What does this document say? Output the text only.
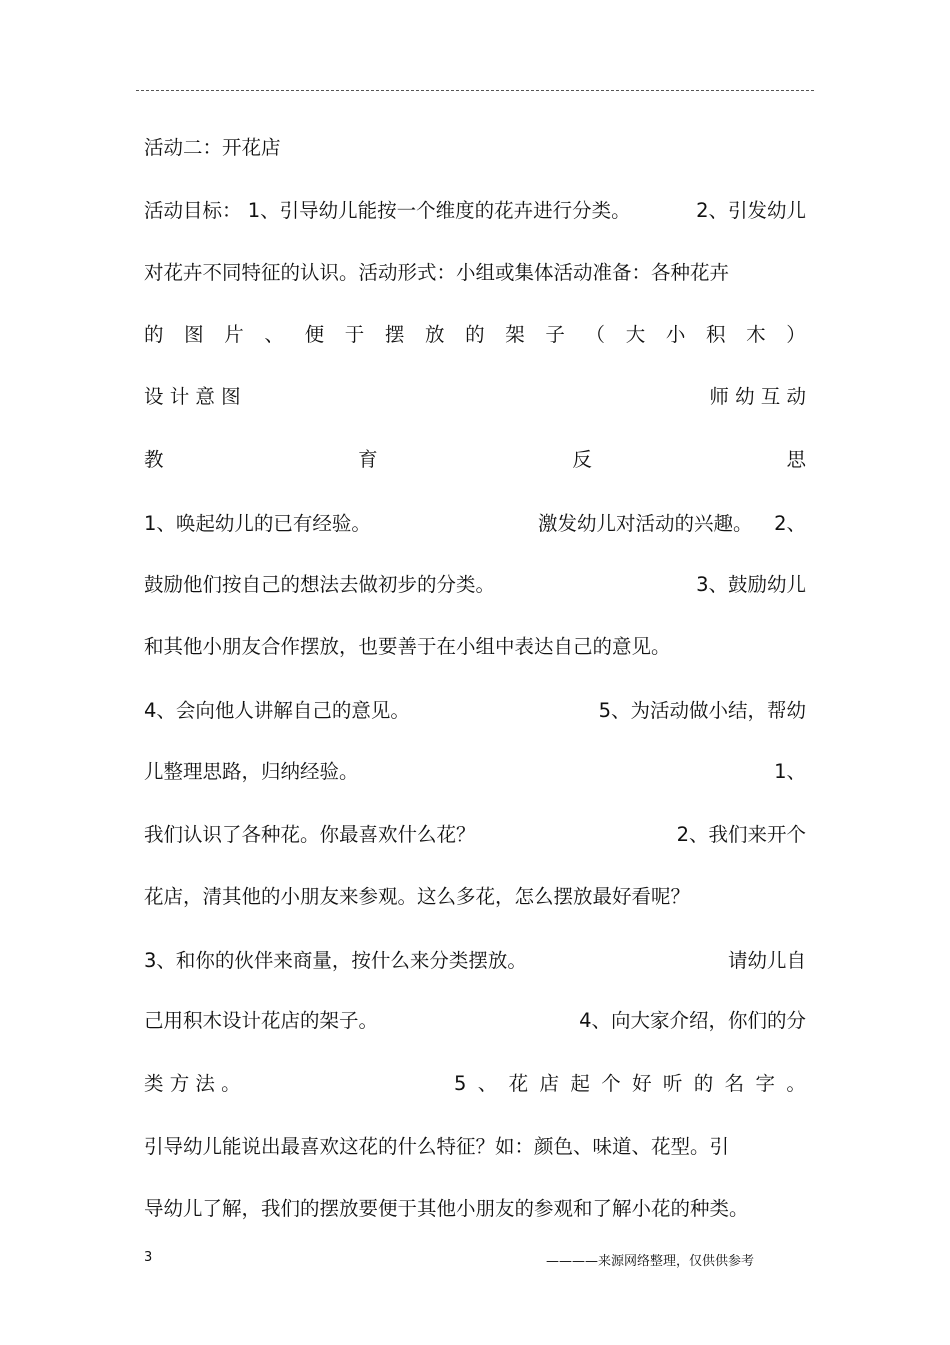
活动二：开花店
活动目标： 1、引导幼儿能按一个维度的花卉进行分类。	2、引发幼儿
对花卉不同特征的认识。活动形式：小组或集体活动准备：各种花卉
的 图 片 、 便 于 摆 放 的 架 子 （ 大 小 积 木 ）
设 计 意 图	师 幼 互 动
教	育	反	思
1、唤起幼儿的已有经验。	激发幼儿对活动的兴趣。 2、
鼓励他们按自己的想法去做初步的分类。	3、鼓励幼儿
和其他小朋友合作摆放，也要善于在小组中表达自己的意见。
4、会向他人讲解自己的意见。	5、为活动做小结，帮幼
儿整理思路，归纳经验。	1、
我们认识了各种花。你最喜欢什么花？	2、我们来开个
花店，清其他的小朋友来参观。这么多花，怎么摆放最好看呢？
3、和你的伙伴来商量，按什么来分类摆放。	请幼儿自
己用积木设计花店的架子。	4、向大家介绍，你们的分
类 方 法 。	5 、 花 店 起 个 好 听 的 名 字 。
引导幼儿能说出最喜欢这花的什么特征？如：颜色、味道、花型。引
导幼儿了解，我们的摆放要便于其他小朋友的参观和了解小花的种类。
3	————来源网络整理，仅供供参考
